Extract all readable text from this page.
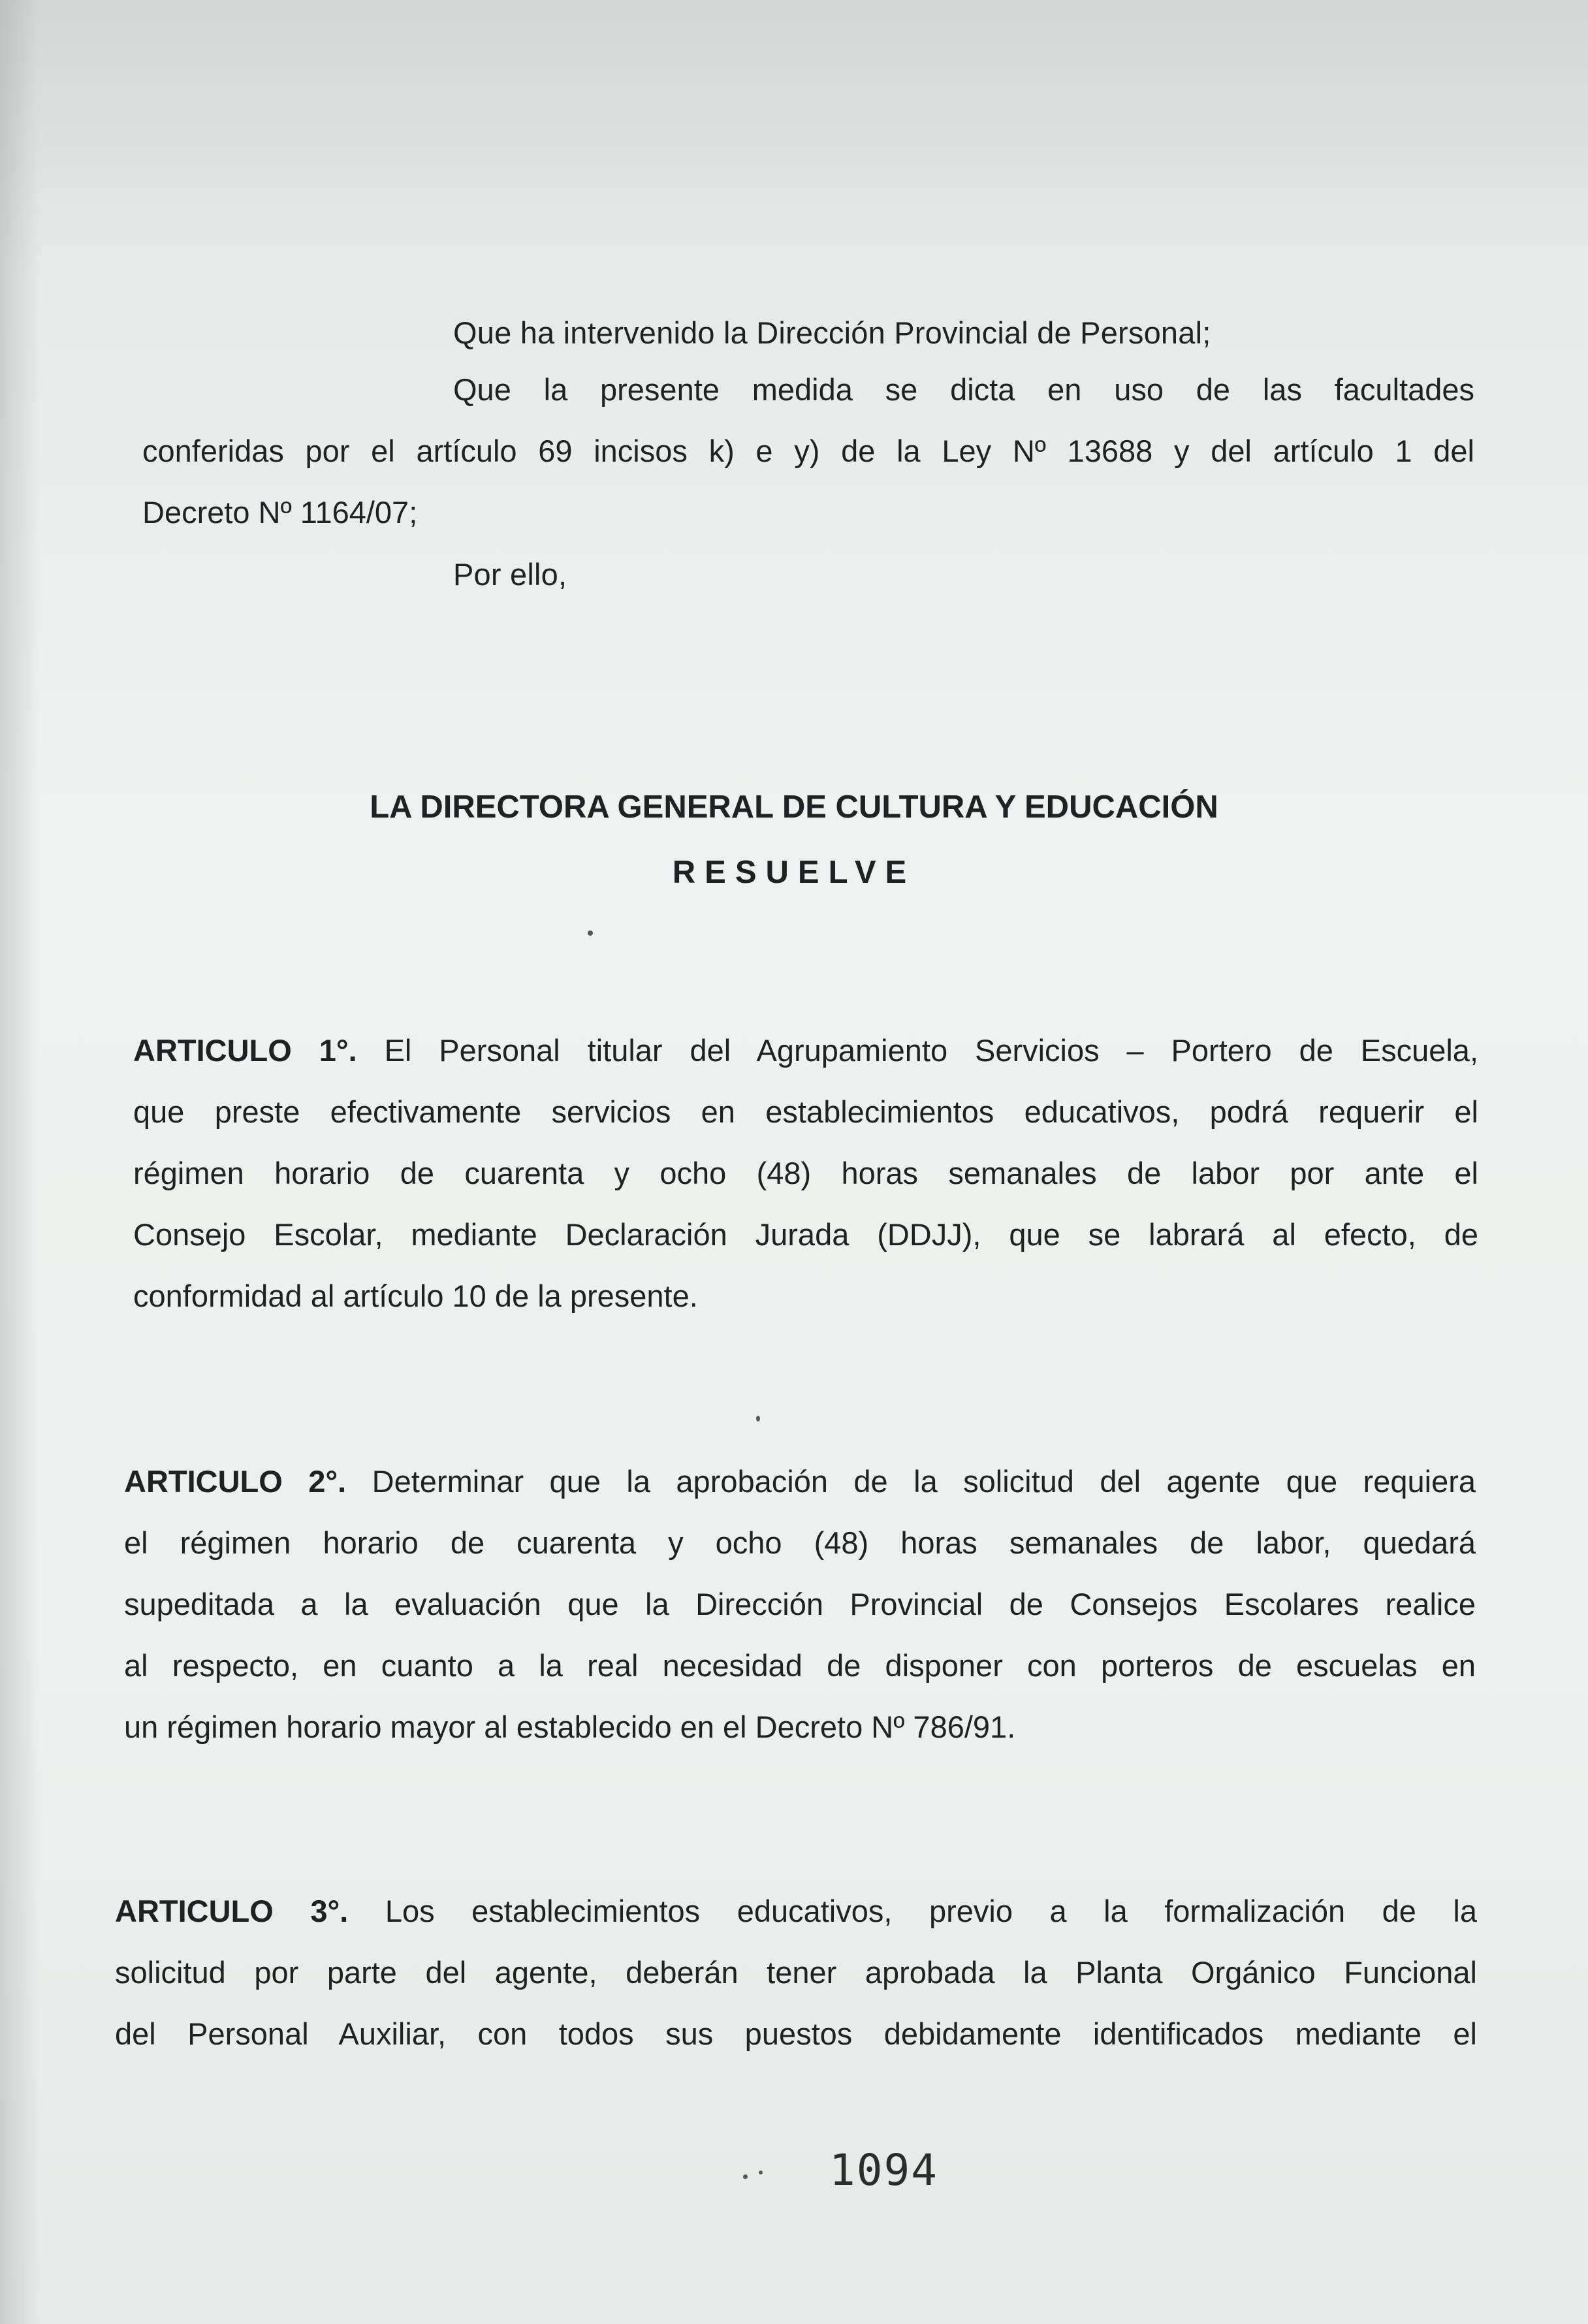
Que ha intervenido la Dirección Provincial de Personal;
Que la presente medida se dicta en uso de las facultades
conferidas por el artículo 69 incisos k) e y) de la Ley Nº 13688 y del artículo 1 del
Decreto Nº 1164/07;
Por ello,
LA DIRECTORA GENERAL DE CULTURA Y EDUCACIÓN
RESUELVE
ARTICULO 1°. El Personal titular del Agrupamiento Servicios – Portero de Escuela,
que preste efectivamente servicios en establecimientos educativos, podrá requerir el
régimen horario de cuarenta y ocho (48) horas semanales de labor por ante el
Consejo Escolar, mediante Declaración Jurada (DDJJ), que se labrará al efecto, de
conformidad al artículo 10 de la presente.
ARTICULO 2°. Determinar que la aprobación de la solicitud del agente que requiera
el régimen horario de cuarenta y ocho (48) horas semanales de labor, quedará
supeditada a la evaluación que la Dirección Provincial de Consejos Escolares realice
al respecto, en cuanto a la real necesidad de disponer con porteros de escuelas en
un régimen horario mayor al establecido en el Decreto Nº 786/91.
ARTICULO 3°. Los establecimientos educativos, previo a la formalización de la
solicitud por parte del agente, deberán tener aprobada la Planta Orgánico Funcional
del Personal Auxiliar, con todos sus puestos debidamente identificados mediante el
1094
